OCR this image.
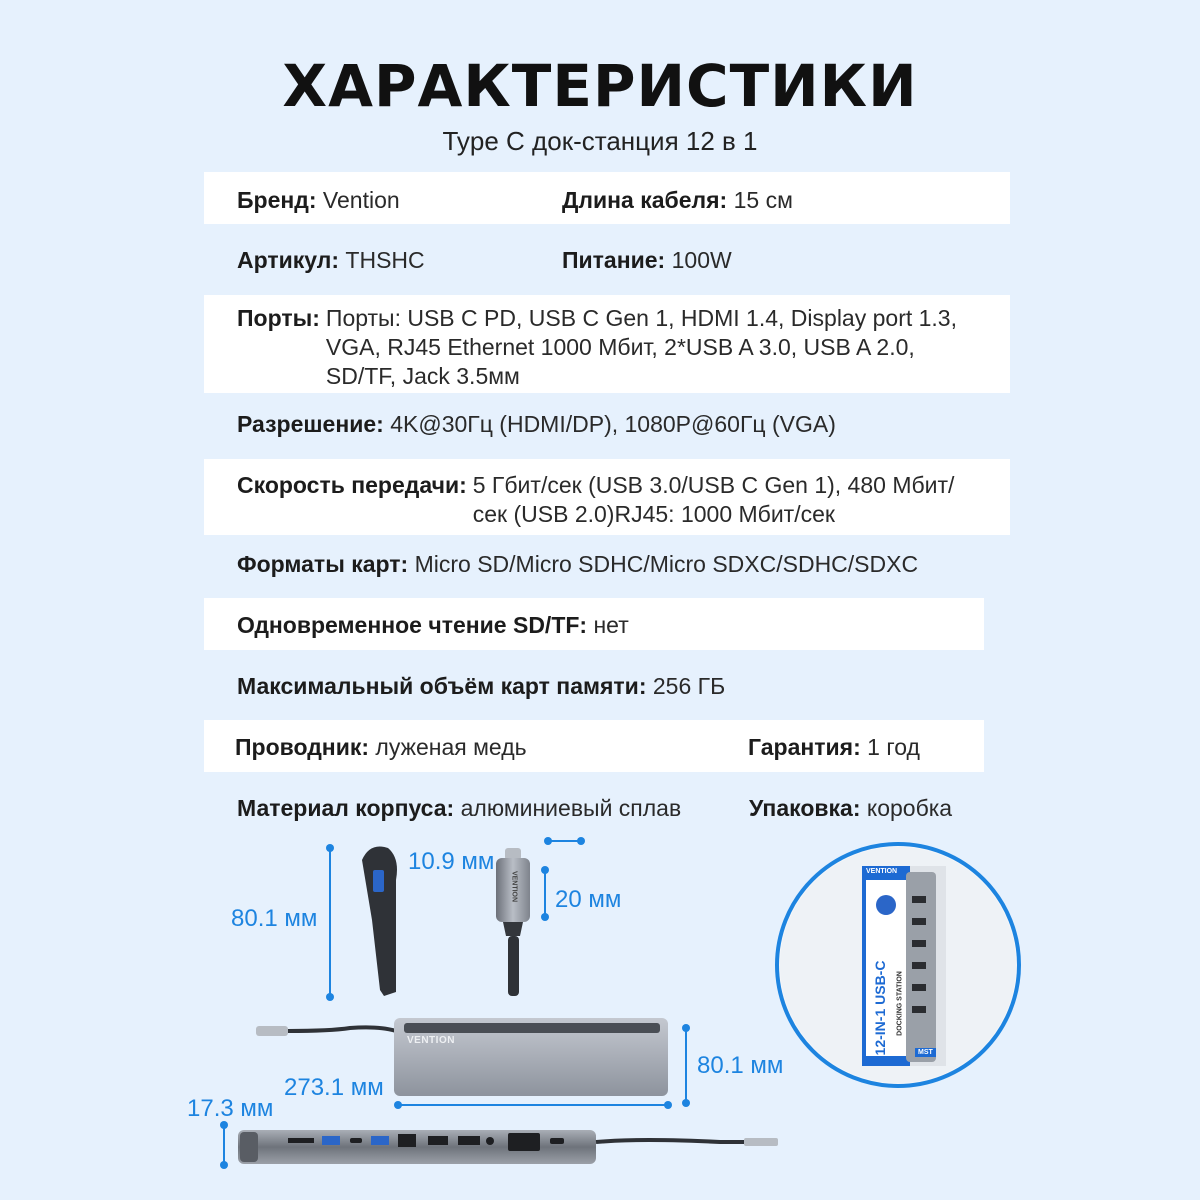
ХАРАКТЕРИСТИКИ
Type C док-станция 12 в 1
Бренд: Vention	Длина кабеля: 15 см
Артикул: THSHC	Питание: 100W
Порты: Порты: USB C PD, USB C Gen 1, HDMI 1.4, Display port 1.3, VGA, RJ45 Ethernet 1000 Мбит, 2*USB A 3.0, USB A 2.0, SD/TF, Jack 3.5мм
Разрешение: 4K@30Гц (HDMI/DP), 1080P@60Гц (VGA)
Скорость передачи: 5 Гбит/сек (USB 3.0/USB C Gen 1), 480 Мбит/сек (USB 2.0)RJ45: 1000 Мбит/сек
Форматы карт: Micro SD/Micro SDHC/Micro SDXC/SDHC/SDXC
Одновременное чтение SD/TF: нет
Максимальный объём карт памяти: 256 ГБ
Проводник: луженая медь	Гарантия: 1 год
Материал корпуса: алюминиевый сплав	Упаковка: коробка
VENTION
12-IN-1 USB-C DOCKING STATION
MST
VENTION
VENTION
80.1 мм
10.9 мм
20 мм
80.1 мм
273.1 мм
17.3 мм
